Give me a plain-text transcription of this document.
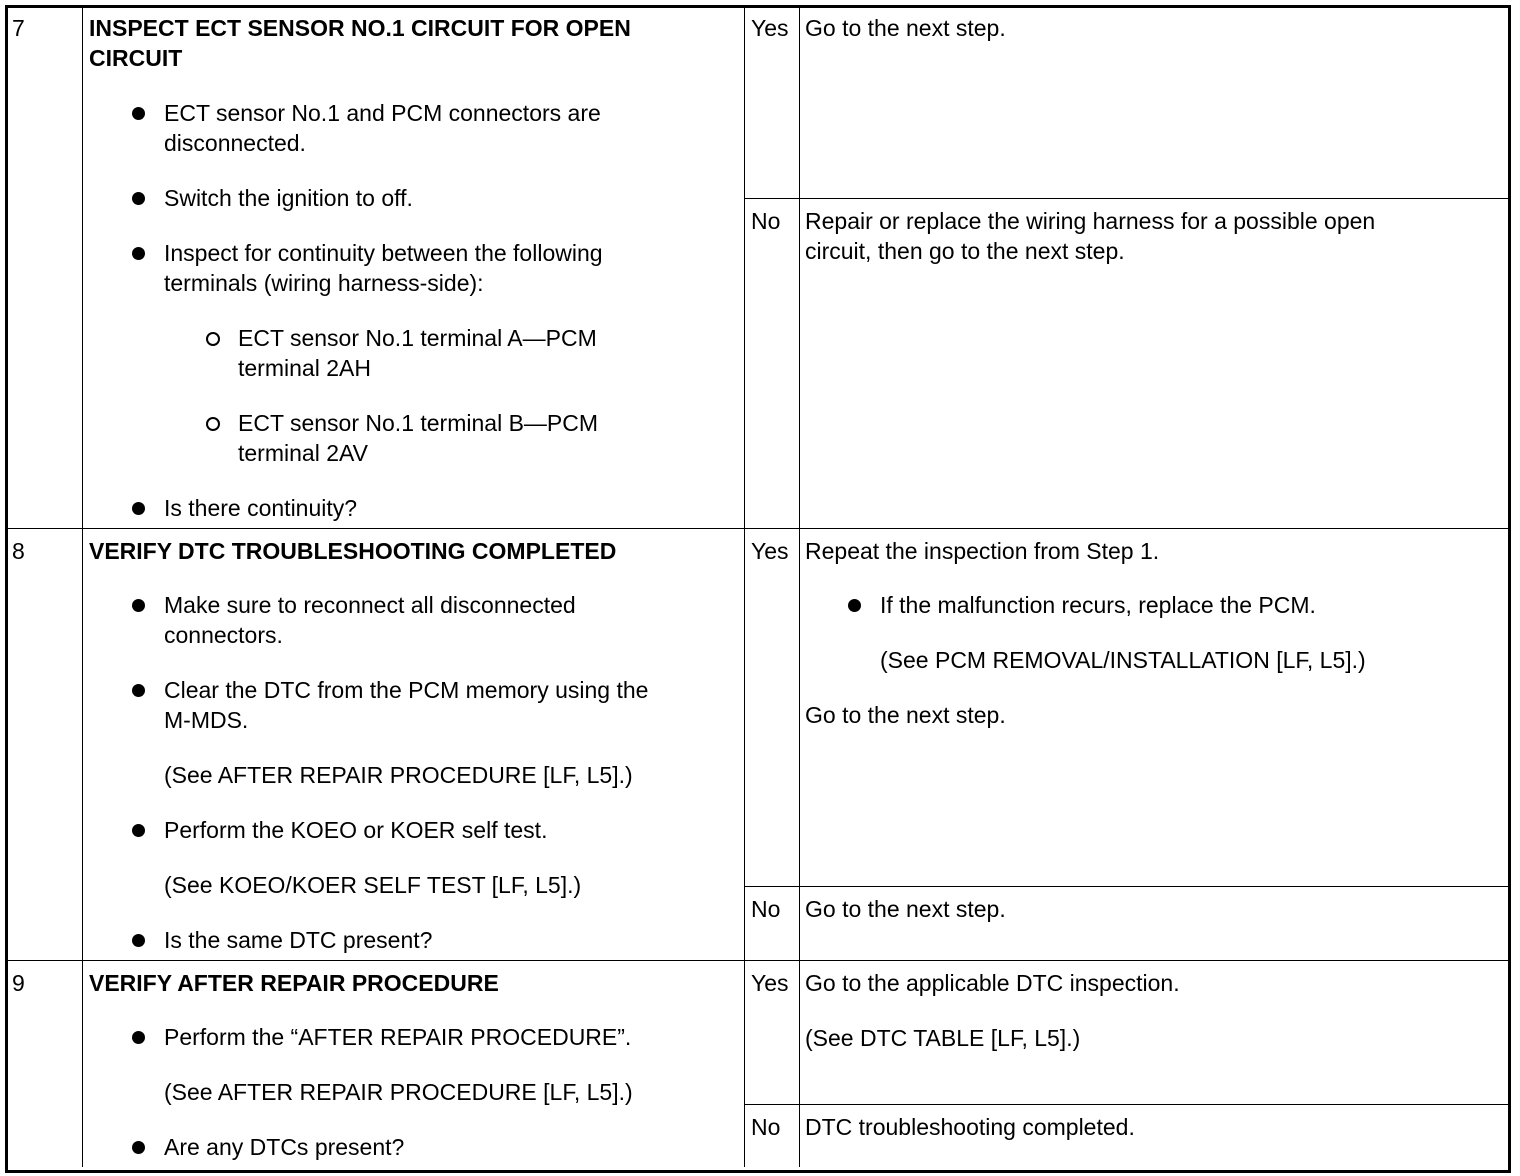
7	INSPECT ECT SENSOR NO.1 CIRCUIT FOR OPEN
CIRCUIT
ECT sensor No.1 and PCM connectors are
disconnected.
Switch the ignition to off.
Inspect for continuity between the following
terminals (wiring harness-side):
ECT sensor No.1 terminal A—PCM
terminal 2AH
ECT sensor No.1 terminal B—PCM
terminal 2AV
Is there continuity?
Yes Go to the next step.
No Repair or replace the wiring harness for a possible open
circuit, then go to the next step.
8	VERIFY DTC TROUBLESHOOTING COMPLETED
Make sure to reconnect all disconnected
connectors.
Clear the DTC from the PCM memory using the
M-MDS.
(See AFTER REPAIR PROCEDURE [LF, L5].)
Perform the KOEO or KOER self test.
(See KOEO/KOER SELF TEST [LF, L5].)
Is the same DTC present?
Yes Repeat the inspection from Step 1.
If the malfunction recurs, replace the PCM.
(See PCM REMOVAL/INSTALLATION [LF, L5].)
Go to the next step.
No Go to the next step.
9	VERIFY AFTER REPAIR PROCEDURE
Perform the “AFTER REPAIR PROCEDURE”.
(See AFTER REPAIR PROCEDURE [LF, L5].)
Are any DTCs present?
Yes Go to the applicable DTC inspection.
(See DTC TABLE [LF, L5].)
No DTC troubleshooting completed.
